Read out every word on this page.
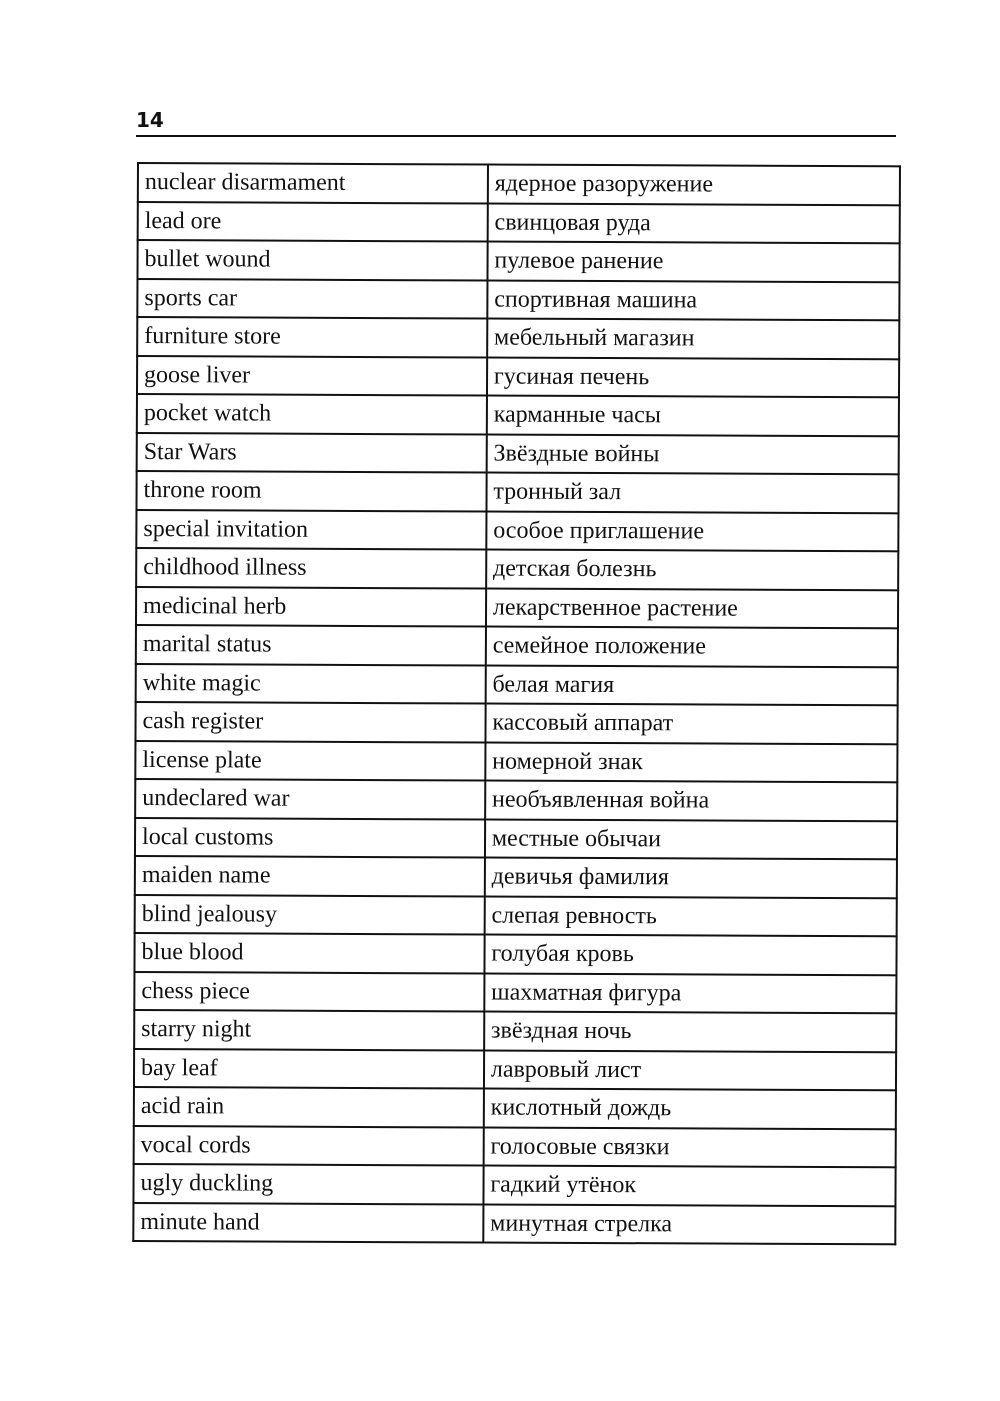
14
nuclear disarmament	ядерное разоружение
lead ore	свинцовая руда
bullet wound	пулевое ранение
sports car	спортивная машина
furniture store	мебельный магазин
goose liver	гусиная печень
pocket watch	карманные часы
Star Wars	Звёздные войны
throne room	тронный зал
special invitation	особое приглашение
childhood illness	детская болезнь
medicinal herb	лекарственное растение
marital status	семейное положение
white magic	белая магия
cash register	кассовый аппарат
license plate	номерной знак
undeclared war	необъявленная война
local customs	местные обычаи
maiden name	девичья фамилия
blind jealousy	слепая ревность
blue blood	голубая кровь
chess piece	шахматная фигура
starry night	звёздная ночь
bay leaf	лавровый лист
acid rain	кислотный дождь
vocal cords	голосовые связки
ugly duckling	гадкий утёнок
minute hand	минутная стрелка
